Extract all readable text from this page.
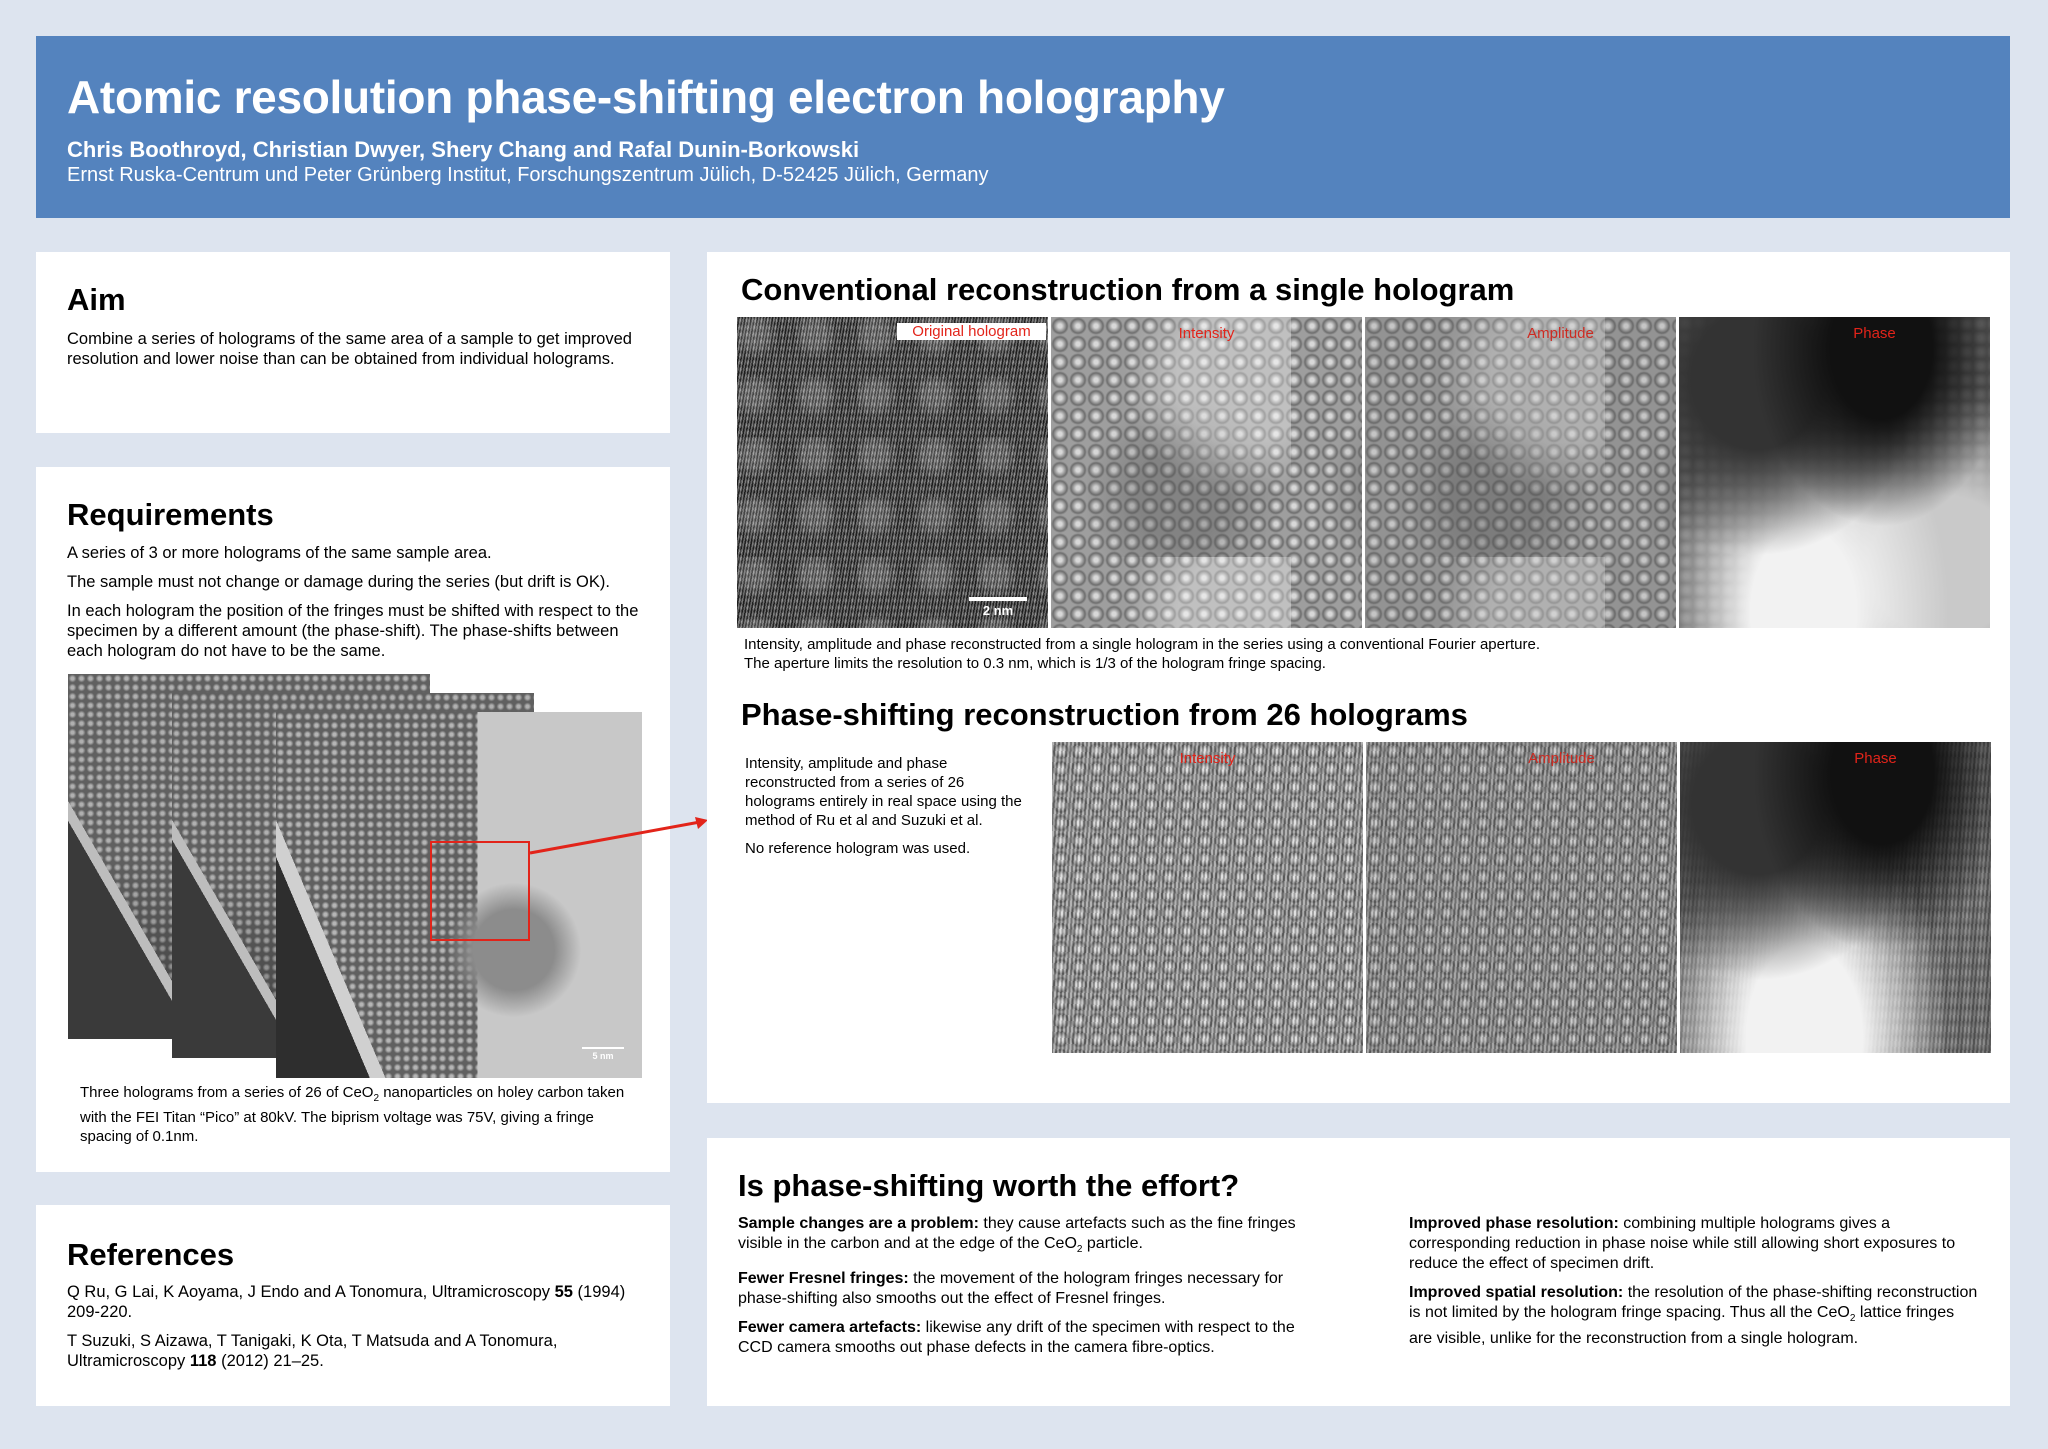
Atomic resolution phase-shifting electron holography
Chris Boothroyd, Christian Dwyer, Shery Chang and Rafal Dunin-Borkowski
Ernst Ruska-Centrum und Peter Grünberg Institut, Forschungszentrum Jülich, D-52425 Jülich, Germany
Aim
Combine a series of holograms of the same area of a sample to get improved resolution and lower noise than can be obtained from individual holograms.
Requirements

A series of 3 or more holograms of the same sample area.

The sample must not change or damage during the series (but drift is OK).

In each hologram the position of the fringes must be shifted with respect to the specimen by a different amount (the phase-shift). The phase-shifts between each hologram do not have to be the same.

5 nm
Three holograms from a series of 26 of CeO$_2$ nanoparticles on holey carbon taken with the FEI Titan “Pico” at 80kV. The biprism voltage was 75V, giving a fringe spacing of 0.1nm.
References

Q Ru, G Lai, K Aoyama, J Endo and A Tonomura, Ultramicroscopy 55 (1994) 209-220.

T Suzuki, S Aizawa, T Tanigaki, K Ota, T Matsuda and A Tonomura, Ultramicroscopy 118 (2012) 21–25.

Conventional reconstruction from a single hologram
Original hologram
2 nm
Intensity	Amplitude	Phase
Intensity, amplitude and phase reconstructed from a single hologram in the series using a conventional Fourier aperture.
The aperture limits the resolution to 0.3 nm, which is 1/3 of the hologram fringe spacing.
Phase-shifting reconstruction from 26 holograms
Intensity, amplitude and phase reconstructed from a series of 26 holograms entirely in real space using the method of Ru et al and Suzuki et al.
No reference hologram was used.
Intensity	Amplitude	Phase
Is phase-shifting worth the effort?

Sample changes are a problem: they cause artefacts such as the fine fringes visible in the carbon and at the edge of the CeO$_2$ particle.

Fewer Fresnel fringes: the movement of the hologram fringes necessary for phase-shifting also smooths out the effect of Fresnel fringes.

Fewer camera artefacts: likewise any drift of the specimen with respect to the CCD camera smooths out phase defects in the camera fibre-optics.

Improved phase resolution: combining multiple holograms gives a corresponding reduction in phase noise while still allowing short exposures to reduce the effect of specimen drift.

Improved spatial resolution: the resolution of the phase-shifting reconstruction is not limited by the hologram fringe spacing. Thus all the CeO$_2$ lattice fringes are visible, unlike for the reconstruction from a single hologram.
